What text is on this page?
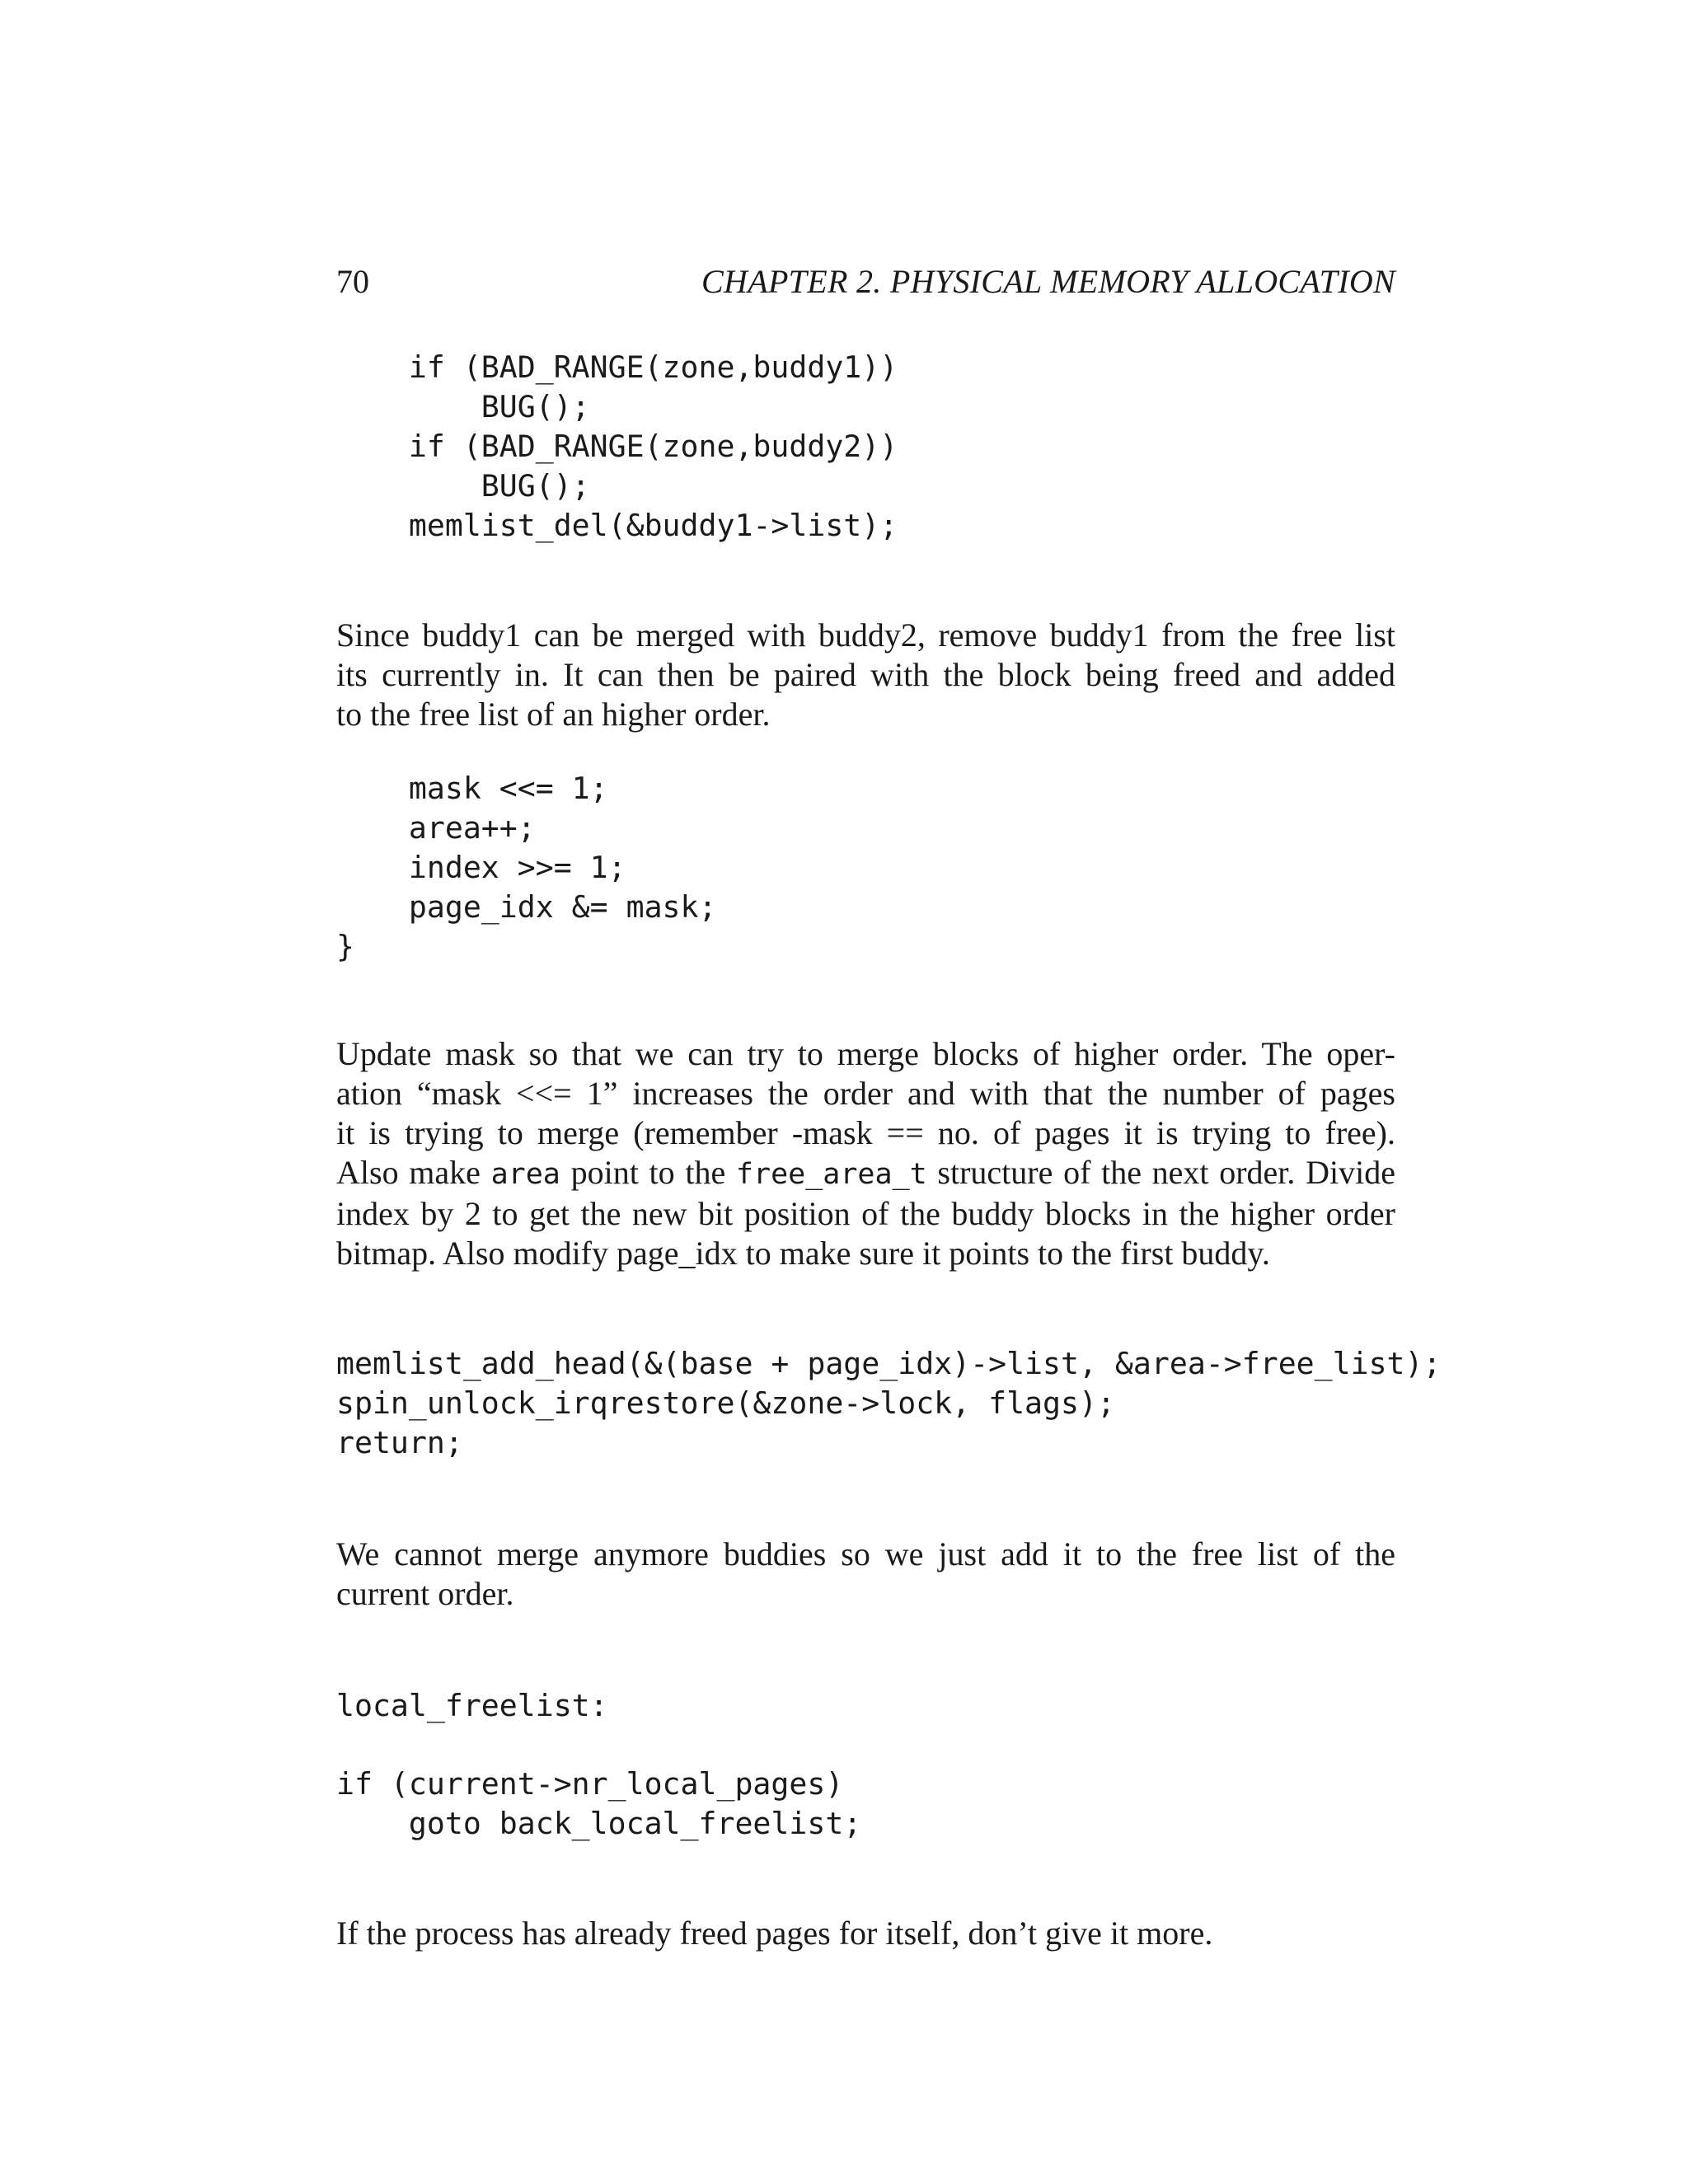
70	CHAPTER 2. PHYSICAL MEMORY ALLOCATION
if (BAD_RANGE(zone,buddy1))
BUG();
if (BAD_RANGE(zone,buddy2))
BUG();
memlist_del(&buddy1->list);

Since buddy1 can be merged with buddy2, remove buddy1 from the free list
its currently in. It can then be paired with the block being freed and added
to the free list of an higher order.

mask <<= 1;
area++;
index >>= 1;
page_idx &= mask;
}

Update mask so that we can try to merge blocks of higher order. The oper-
ation “mask <<= 1” increases the order and with that the number of pages
it is trying to merge (remember -mask == no. of pages it is trying to free).
Also make area point to the free_area_t structure of the next order. Divide
index by 2 to get the new bit position of the buddy blocks in the higher order
bitmap. Also modify page_idx to make sure it points to the first buddy.

memlist_add_head(&(base + page_idx)->list, &area->free_list);
spin_unlock_irqrestore(&zone->lock, flags);
return;

We cannot merge anymore buddies so we just add it to the free list of the
current order.

local_freelist:
if (current->nr_local_pages)
goto back_local_freelist;

If the process has already freed pages for itself, don’t give it more.
